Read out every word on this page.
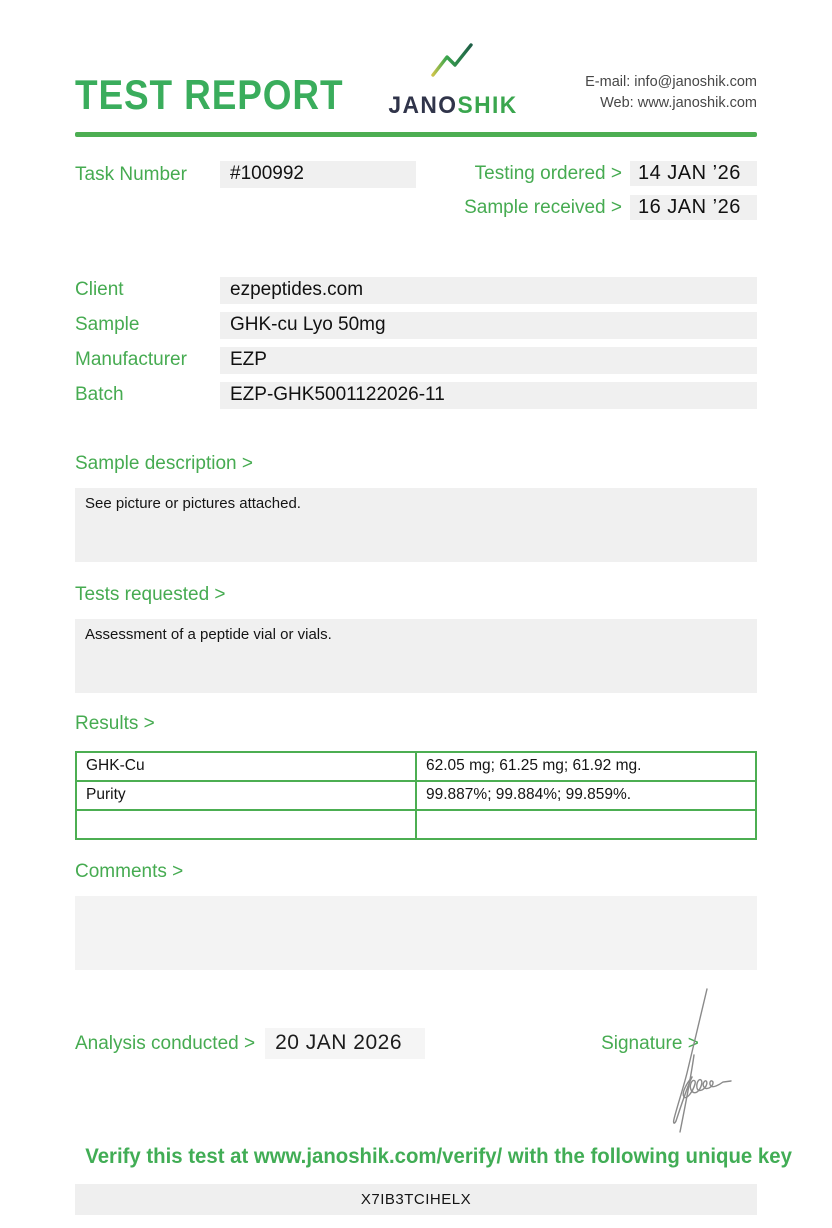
TEST REPORT JANOSHIK
E-mail: info@janoshik.com
Web: www.janoshik.com
Task Number	#100992	Testing ordered > 14 JAN ’26
Sample received > 16 JAN ’26
Client	ezpeptides.com
Sample	GHK-cu Lyo 50mg
Manufacturer	EZP
Batch	EZP-GHK5001122026-11
Sample description >
See picture or pictures attached.
Tests requested >
Assessment of a peptide vial or vials.
Results >
GHK-Cu	62.05 mg; 61.25 mg; 61.92 mg.
Purity	99.887%; 99.884%; 99.859%.

Comments >
Analysis conducted > 20 JAN 2026	Signature >
Verify this test at www.janoshik.com/verify/ with the following unique key
X7IB3TCIHELX
